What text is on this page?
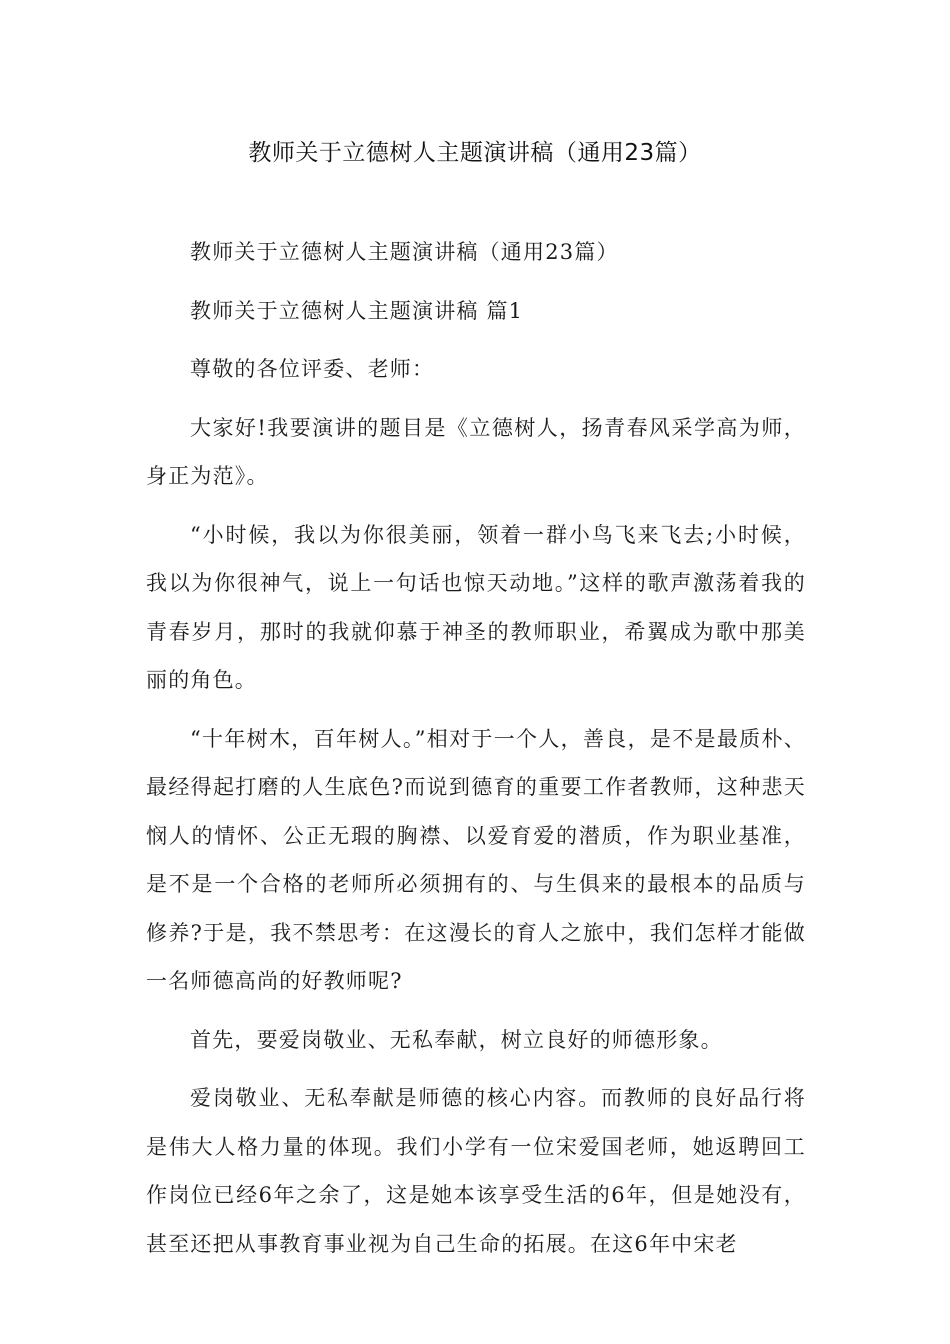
教师关于立德树人主题演讲稿（通用23篇）

教师关于立德树人主题演讲稿（通用23篇）

教师关于立德树人主题演讲稿 篇1

尊敬的各位评委、老师：

大家好!我要演讲的题目是《立德树人，扬青春风采学高为师，身正为范》。

“小时候，我以为你很美丽，领着一群小鸟飞来飞去;小时候，我以为你很神气，说上一句话也惊天动地。”这样的歌声激荡着我的青春岁月，那时的我就仰慕于神圣的教师职业，希翼成为歌中那美丽的角色。

“十年树木，百年树人。”相对于一个人，善良，是不是最质朴、最经得起打磨的人生底色?而说到德育的重要工作者教师，这种悲天悯人的情怀、公正无瑕的胸襟、以爱育爱的潜质，作为职业基准，是不是一个合格的老师所必须拥有的、与生俱来的最根本的品质与修养?于是，我不禁思考：在这漫长的育人之旅中，我们怎样才能做一名师德高尚的好教师呢?

首先，要爱岗敬业、无私奉献，树立良好的师德形象。

爱岗敬业、无私奉献是师德的核心内容。而教师的良好品行将是伟大人格力量的体现。我们小学有一位宋爱国老师，她返聘回工作岗位已经6年之余了，这是她本该享受生活的6年，但是她没有，甚至还把从事教育事业视为自己生命的拓展。在这6年中宋老
